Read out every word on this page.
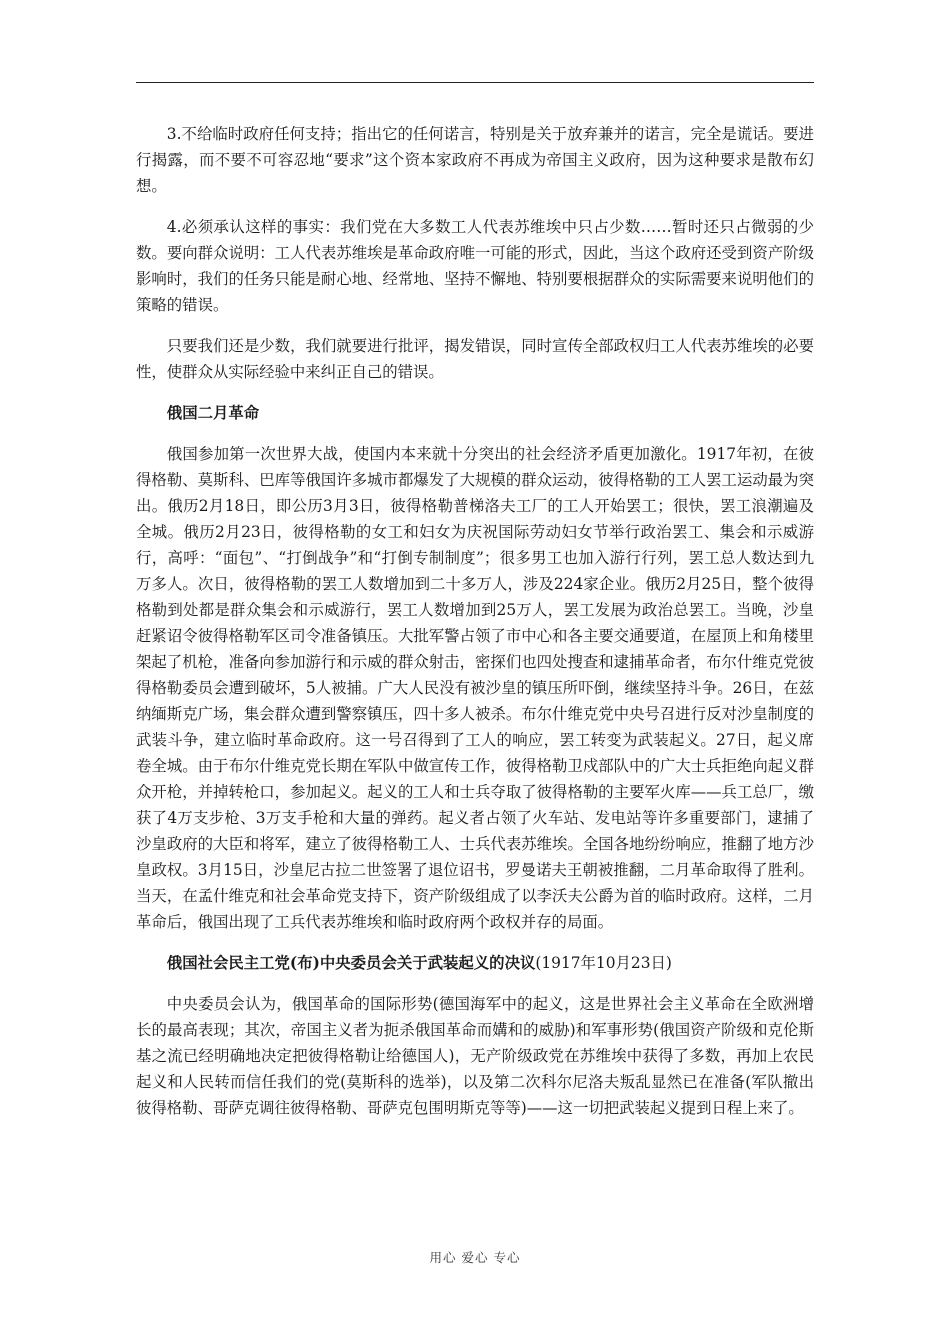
3.不给临时政府任何支持；指出它的任何诺言，特别是关于放弃兼并的诺言，完全是谎话。要进行揭露，而不要不可容忍地“要求”这个资本家政府不再成为帝国主义政府，因为这种要求是散布幻想。

4.必须承认这样的事实：我们党在大多数工人代表苏维埃中只占少数……暂时还只占微弱的少数。要向群众说明：工人代表苏维埃是革命政府唯一可能的形式，因此，当这个政府还受到资产阶级影响时，我们的任务只能是耐心地、经常地、坚持不懈地、特别要根据群众的实际需要来说明他们的策略的错误。

只要我们还是少数，我们就要进行批评，揭发错误，同时宣传全部政权归工人代表苏维埃的必要性，使群众从实际经验中来纠正自己的错误。

俄国二月革命

俄国参加第一次世界大战，使国内本来就十分突出的社会经济矛盾更加激化。1917年初，在彼得格勒、莫斯科、巴库等俄国许多城市都爆发了大规模的群众运动，彼得格勒的工人罢工运动最为突出。俄历2月18日，即公历3月3日，彼得格勒普梯洛夫工厂的工人开始罢工；很快，罢工浪潮遍及全城。俄历2月23日，彼得格勒的女工和妇女为庆祝国际劳动妇女节举行政治罢工、集会和示威游行，高呼：“面包”、“打倒战争”和“打倒专制制度”；很多男工也加入游行行列，罢工总人数达到九万多人。次日，彼得格勒的罢工人数增加到二十多万人，涉及224家企业。俄历2月25日，整个彼得格勒到处都是群众集会和示威游行，罢工人数增加到25万人，罢工发展为政治总罢工。当晚，沙皇赶紧诏令彼得格勒军区司令准备镇压。大批军警占领了市中心和各主要交通要道，在屋顶上和角楼里架起了机枪，准备向参加游行和示威的群众射击，密探们也四处搜查和逮捕革命者，布尔什维克党彼得格勒委员会遭到破坏，5人被捕。广大人民没有被沙皇的镇压所吓倒，继续坚持斗争。26日，在兹纳缅斯克广场，集会群众遭到警察镇压，四十多人被杀。布尔什维克党中央号召进行反对沙皇制度的武装斗争，建立临时革命政府。这一号召得到了工人的响应，罢工转变为武装起义。27日，起义席卷全城。由于布尔什维克党长期在军队中做宣传工作，彼得格勒卫戍部队中的广大士兵拒绝向起义群众开枪，并掉转枪口，参加起义。起义的工人和士兵夺取了彼得格勒的主要军火库——兵工总厂，缴获了4万支步枪、3万支手枪和大量的弹药。起义者占领了火车站、发电站等许多重要部门，逮捕了沙皇政府的大臣和将军，建立了彼得格勒工人、士兵代表苏维埃。全国各地纷纷响应，推翻了地方沙皇政权。3月15日，沙皇尼古拉二世签署了退位诏书，罗曼诺夫王朝被推翻，二月革命取得了胜利。当天，在孟什维克和社会革命党支持下，资产阶级组成了以李沃夫公爵为首的临时政府。这样，二月革命后，俄国出现了工兵代表苏维埃和临时政府两个政权并存的局面。

俄国社会民主工党(布)中央委员会关于武装起义的决议(1917年10月23日)

中央委员会认为，俄国革命的国际形势(德国海军中的起义，这是世界社会主义革命在全欧洲增长的最高表现；其次，帝国主义者为扼杀俄国革命而媾和的威胁)和军事形势(俄国资产阶级和克伦斯基之流已经明确地决定把彼得格勒让给德国人)，无产阶级政党在苏维埃中获得了多数，再加上农民起义和人民转而信任我们的党(莫斯科的选举)，以及第二次科尔尼洛夫叛乱显然已在准备(军队撤出彼得格勒、哥萨克调往彼得格勒、哥萨克包围明斯克等等)——这一切把武装起义提到日程上来了。

用心 爱心 专心
